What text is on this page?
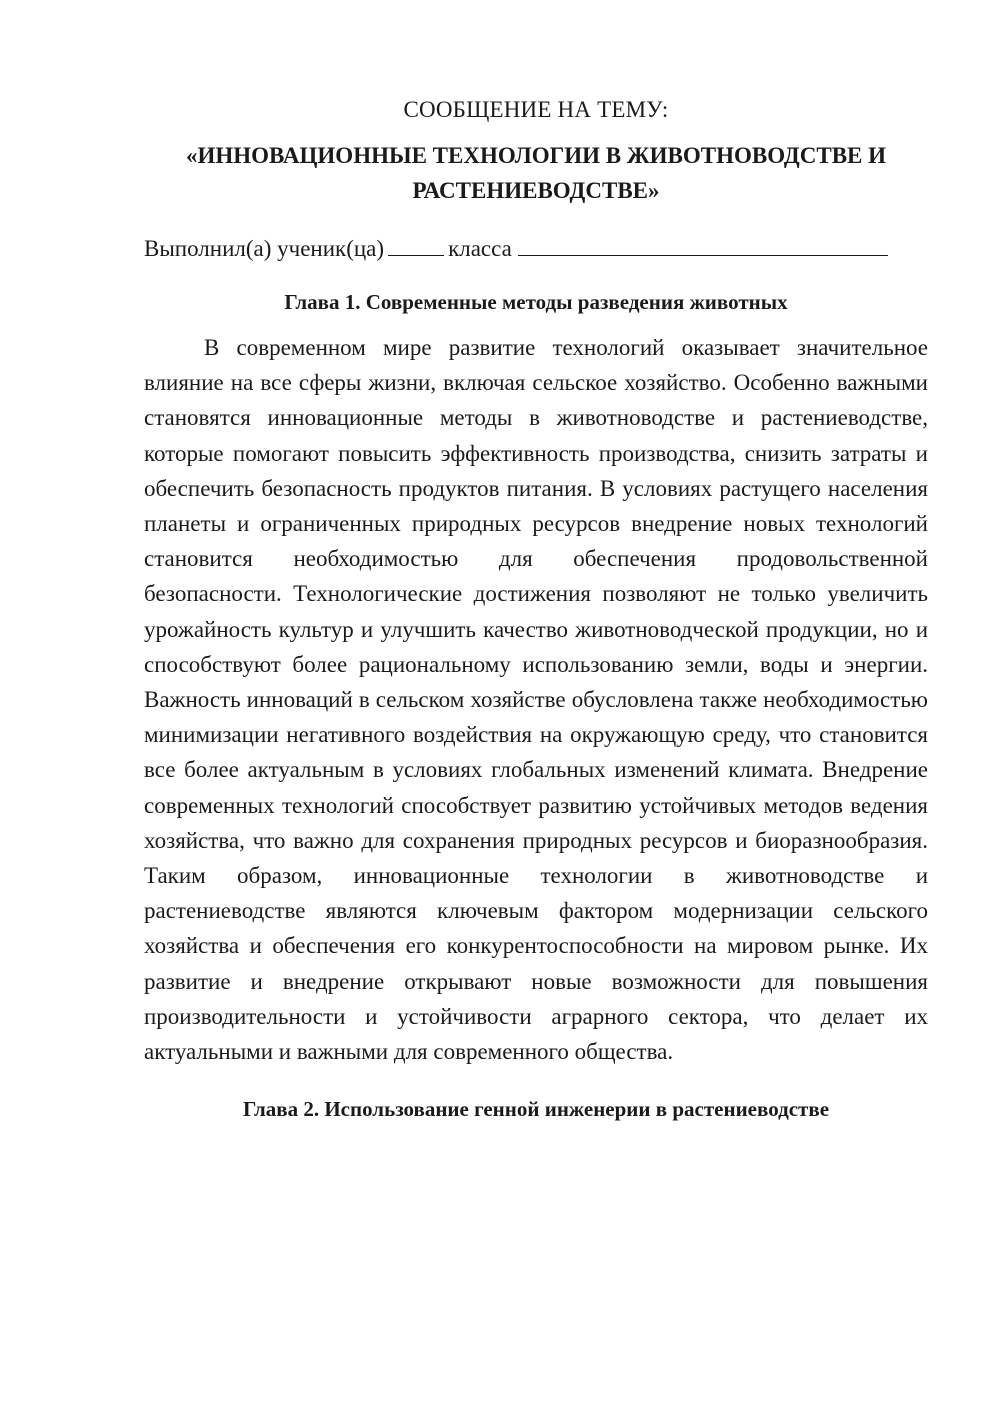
СООБЩЕНИЕ НА ТЕМУ:

«ИННОВАЦИОННЫЕ ТЕХНОЛОГИИ В ЖИВОТНОВОДСТВЕ И РАСТЕНИЕВОДСТВЕ»

Выполнил(а) ученик(ца)	класса

Глава 1. Современные методы разведения животных

В современном мире развитие технологий оказывает значительное влияние на все сферы жизни, включая сельское хозяйство. Особенно важными становятся инновационные методы в животноводстве и растениеводстве, которые помогают повысить эффективность производства, снизить затраты и обеспечить безопасность продуктов питания. В условиях растущего населения планеты и ограниченных природных ресурсов внедрение новых технологий становится необходимостью для обеспечения продовольственной безопасности. Технологические достижения позволяют не только увеличить урожайность культур и улучшить качество животноводческой продукции, но и способствуют более рациональному использованию земли, воды и энергии. Важность инноваций в сельском хозяйстве обусловлена также необходимостью минимизации негативного воздействия на окружающую среду, что становится все более актуальным в условиях глобальных изменений климата. Внедрение современных технологий способствует развитию устойчивых методов ведения хозяйства, что важно для сохранения природных ресурсов и биоразнообразия. Таким образом, инновационные технологии в животноводстве и растениеводстве являются ключевым фактором модернизации сельского хозяйства и обеспечения его конкурентоспособности на мировом рынке. Их развитие и внедрение открывают новые возможности для повышения производительности и устойчивости аграрного сектора, что делает их актуальными и важными для современного общества.

Глава 2. Использование генной инженерии в растениеводстве
